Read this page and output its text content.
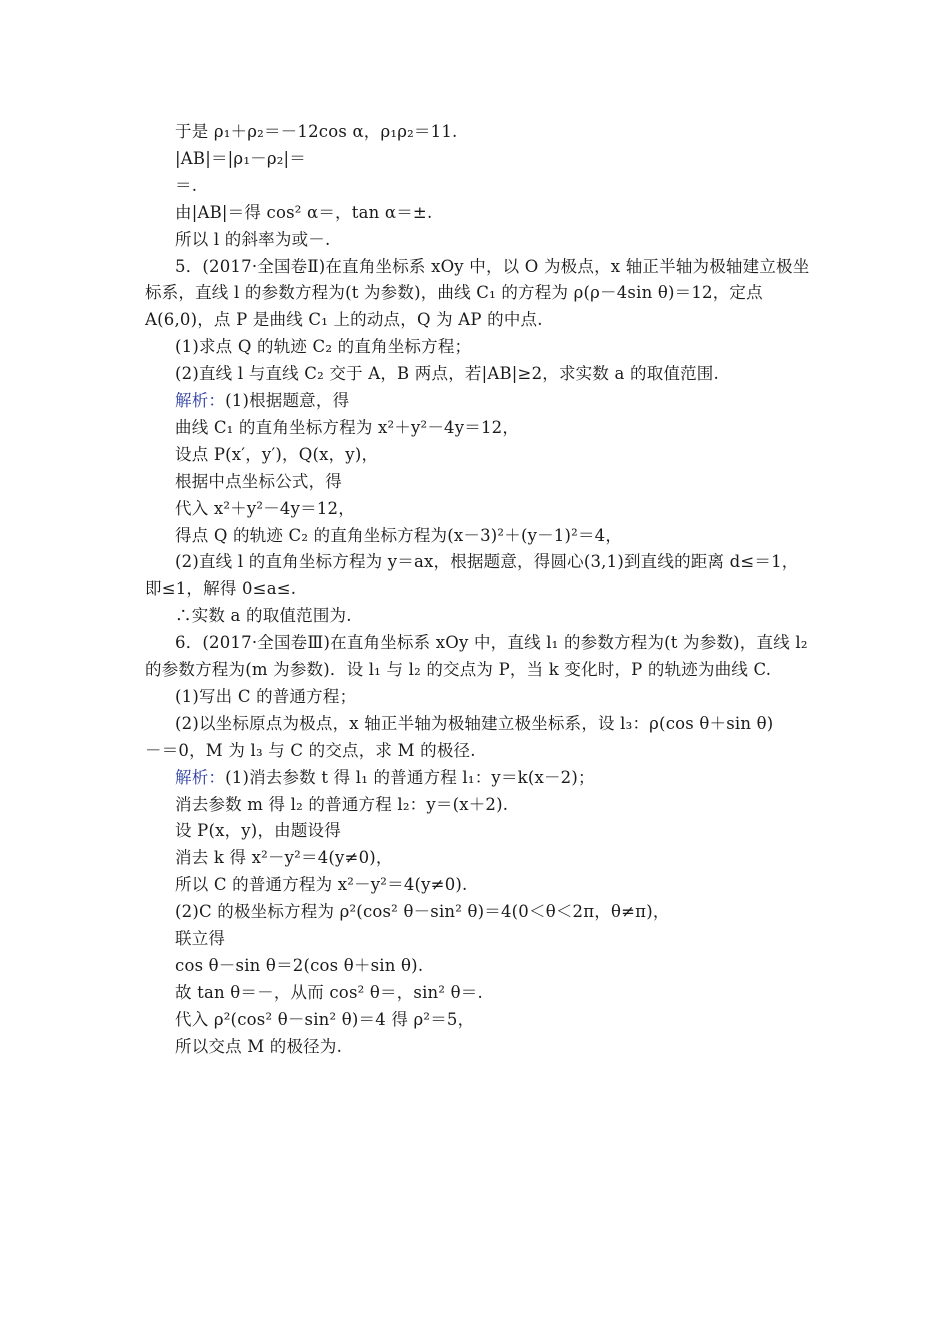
于是 ρ₁＋ρ₂＝－12cos α，ρ₁ρ₂＝11.
|AB|＝|ρ₁－ρ₂|＝
＝.
由|AB|＝得 cos² α＝，tan α＝±.
所以 l 的斜率为或－.
5．(2017·全国卷Ⅱ)在直角坐标系 xOy 中，以 O 为极点，x 轴正半轴为极轴建立极坐
标系，直线 l 的参数方程为(t 为参数)，曲线 C₁ 的方程为 ρ(ρ－4sin θ)＝12，定点
A(6,0)，点 P 是曲线 C₁ 上的动点，Q 为 AP 的中点.
(1)求点 Q 的轨迹 C₂ 的直角坐标方程；
(2)直线 l 与直线 C₂ 交于 A，B 两点，若|AB|≥2，求实数 a 的取值范围.
解析：(1)根据题意，得
曲线 C₁ 的直角坐标方程为 x²＋y²－4y＝12，
设点 P(x′，y′)，Q(x，y)，
根据中点坐标公式，得
代入 x²＋y²－4y＝12，
得点 Q 的轨迹 C₂ 的直角坐标方程为(x－3)²＋(y－1)²＝4，
(2)直线 l 的直角坐标方程为 y＝ax，根据题意，得圆心(3,1)到直线的距离 d≤＝1，
即≤1，解得 0≤a≤.
∴实数 a 的取值范围为.
6．(2017·全国卷Ⅲ)在直角坐标系 xOy 中，直线 l₁ 的参数方程为(t 为参数)，直线 l₂
的参数方程为(m 为参数)．设 l₁ 与 l₂ 的交点为 P，当 k 变化时，P 的轨迹为曲线 C.
(1)写出 C 的普通方程；
(2)以坐标原点为极点，x 轴正半轴为极轴建立极坐标系，设 l₃：ρ(cos θ＋sin θ)
－＝0，M 为 l₃ 与 C 的交点，求 M 的极径.
解析：(1)消去参数 t 得 l₁ 的普通方程 l₁：y＝k(x－2)；
消去参数 m 得 l₂ 的普通方程 l₂：y＝(x＋2).
设 P(x，y)，由题设得
消去 k 得 x²－y²＝4(y≠0)，
所以 C 的普通方程为 x²－y²＝4(y≠0).
(2)C 的极坐标方程为 ρ²(cos² θ－sin² θ)＝4(0＜θ＜2π，θ≠π)，
联立得
cos θ－sin θ＝2(cos θ＋sin θ).
故 tan θ＝－，从而 cos² θ＝，sin² θ＝.
代入 ρ²(cos² θ－sin² θ)＝4 得 ρ²＝5，
所以交点 M 的极径为.
